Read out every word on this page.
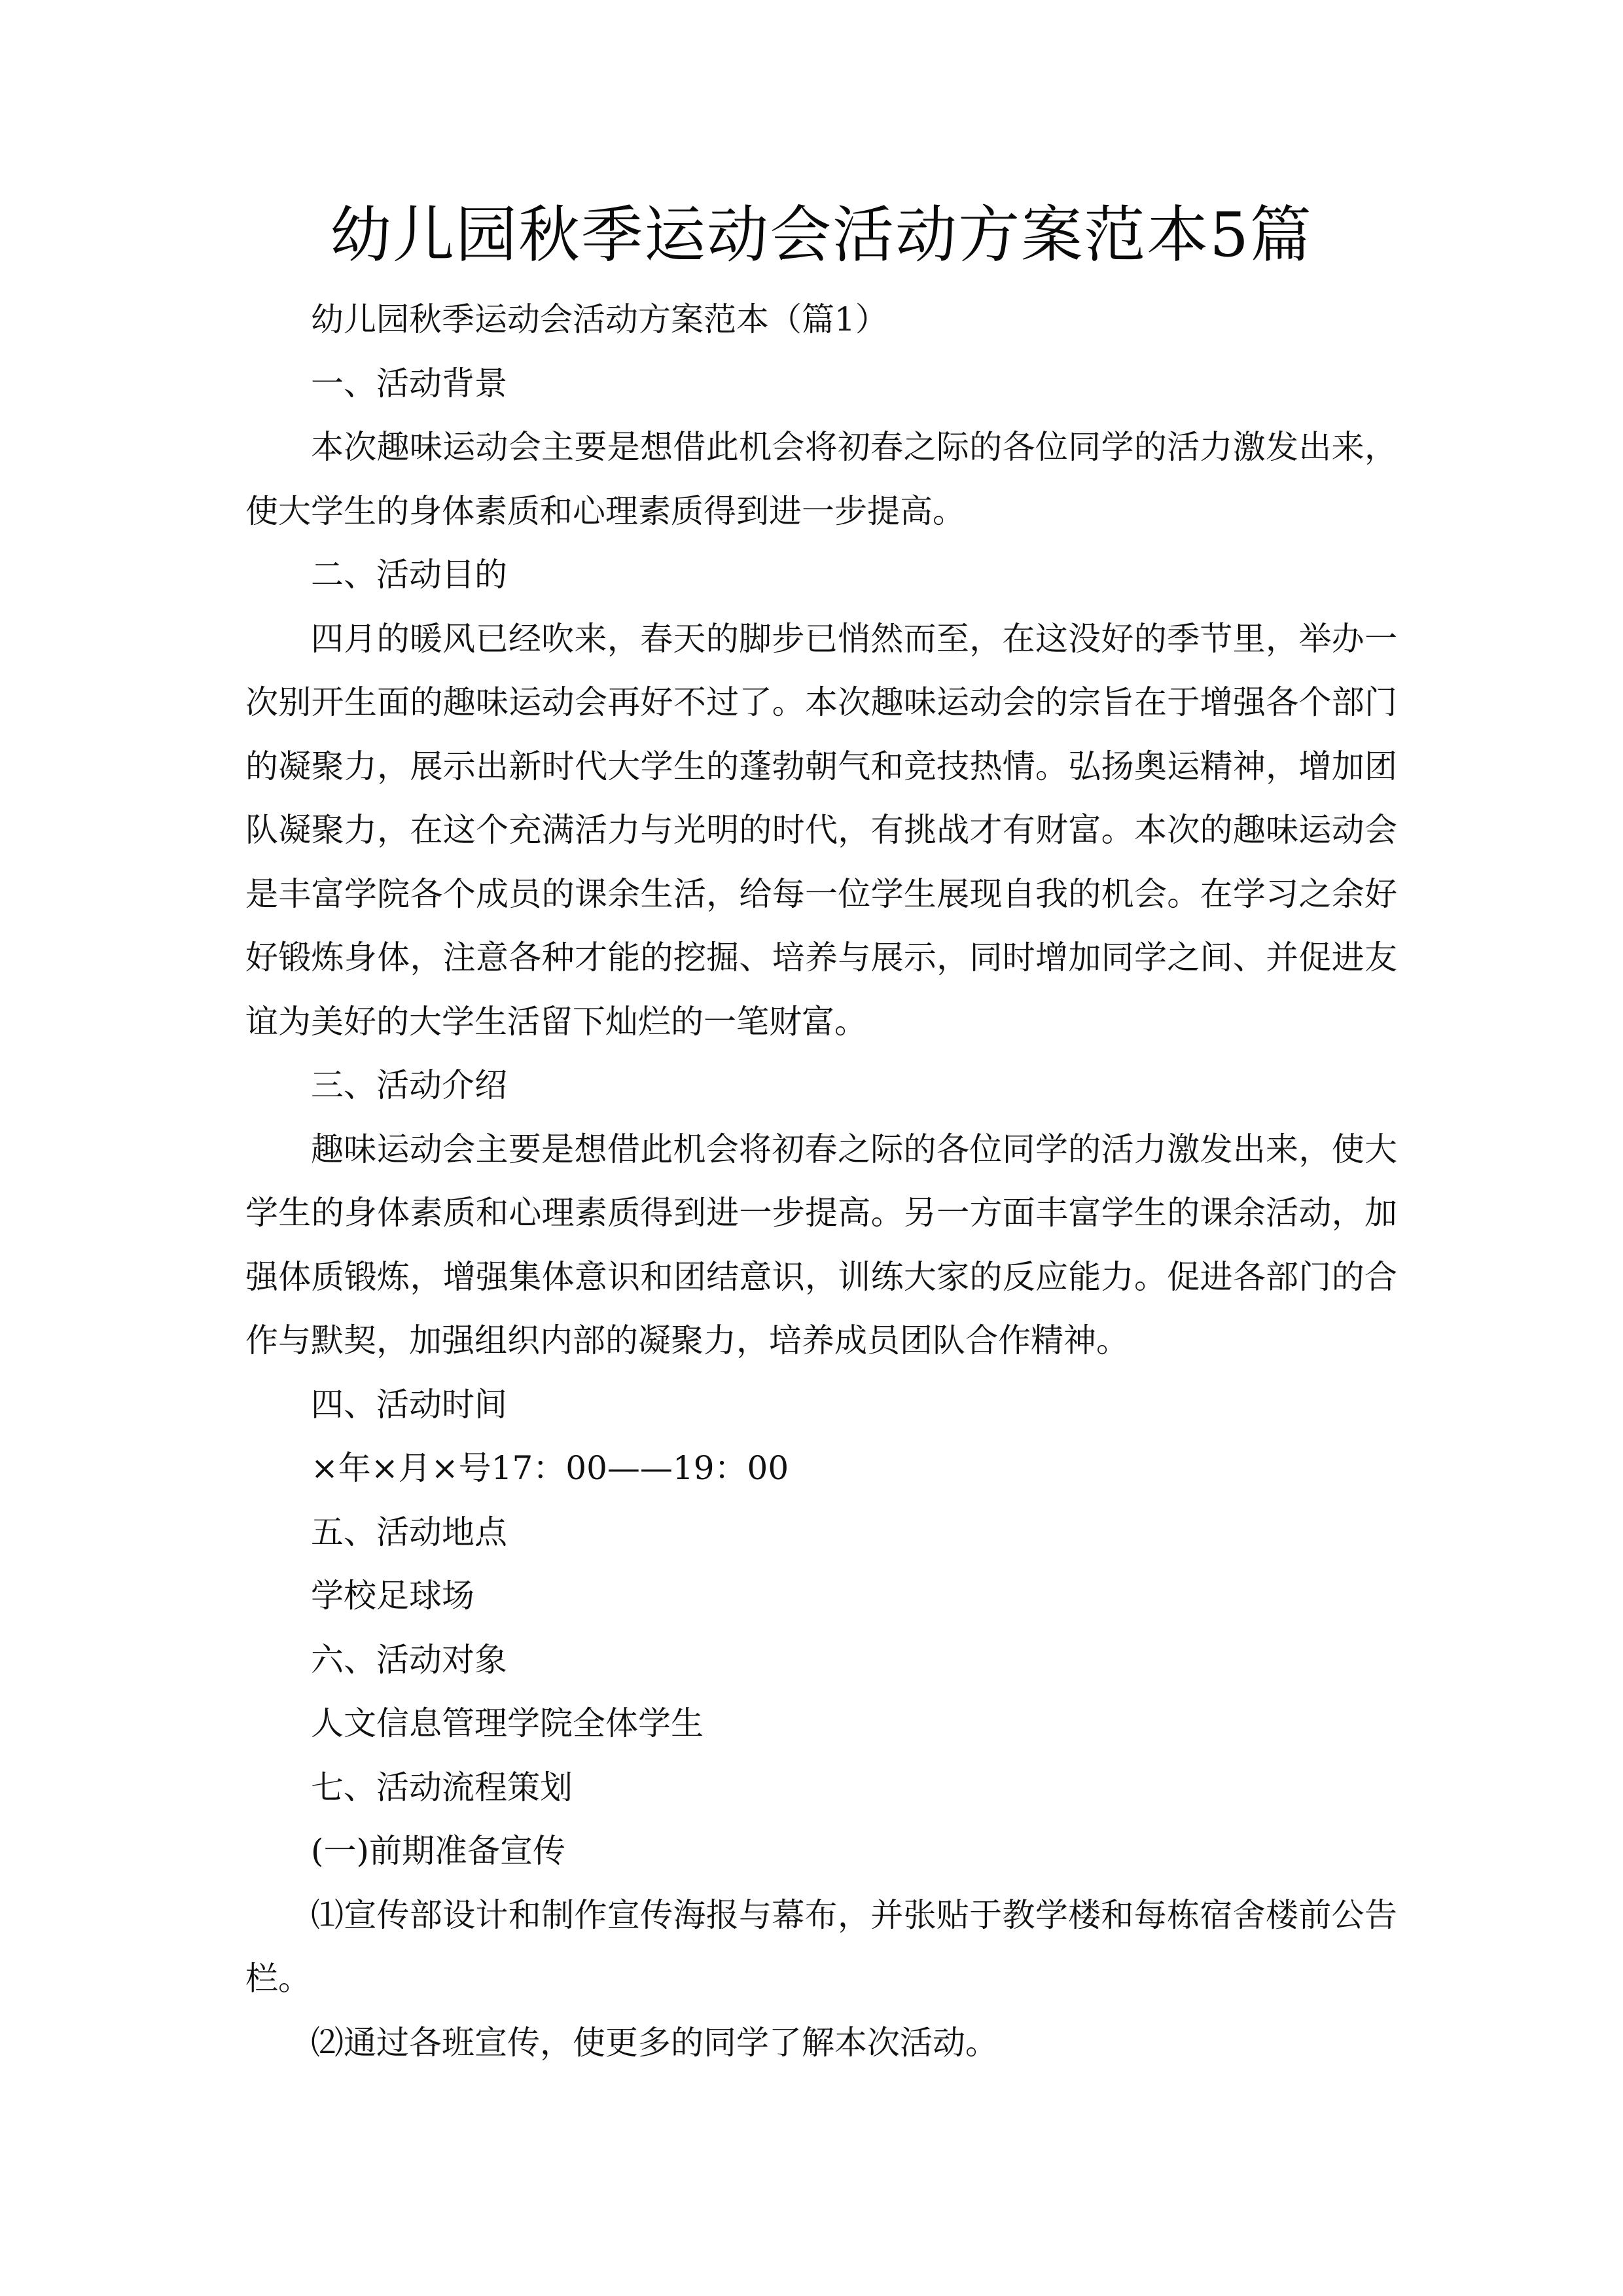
幼儿园秋季运动会活动方案范本5篇

幼儿园秋季运动会活动方案范本（篇1）

一、活动背景

本次趣味运动会主要是想借此机会将初春之际的各位同学的活力激发出来，使大学生的身体素质和心理素质得到进一步提高。

二、活动目的

四月的暖风已经吹来，春天的脚步已悄然而至，在这没好的季节里，举办一次别开生面的趣味运动会再好不过了。本次趣味运动会的宗旨在于增强各个部门的凝聚力，展示出新时代大学生的蓬勃朝气和竞技热情。弘扬奥运精神，增加团队凝聚力，在这个充满活力与光明的时代，有挑战才有财富。本次的趣味运动会是丰富学院各个成员的课余生活，给每一位学生展现自我的机会。在学习之余好好锻炼身体，注意各种才能的挖掘、培养与展示，同时增加同学之间、并促进友谊为美好的大学生活留下灿烂的一笔财富。

三、活动介绍

趣味运动会主要是想借此机会将初春之际的各位同学的活力激发出来，使大学生的身体素质和心理素质得到进一步提高。另一方面丰富学生的课余活动，加强体质锻炼，增强集体意识和团结意识，训练大家的反应能力。促进各部门的合作与默契，加强组织内部的凝聚力，培养成员团队合作精神。

四、活动时间

×年×月×号17：00——19：00

五、活动地点

学校足球场

六、活动对象

人文信息管理学院全体学生

七、活动流程策划

(一)前期准备宣传

⑴宣传部设计和制作宣传海报与幕布，并张贴于教学楼和每栋宿舍楼前公告栏。

⑵通过各班宣传，使更多的同学了解本次活动。
